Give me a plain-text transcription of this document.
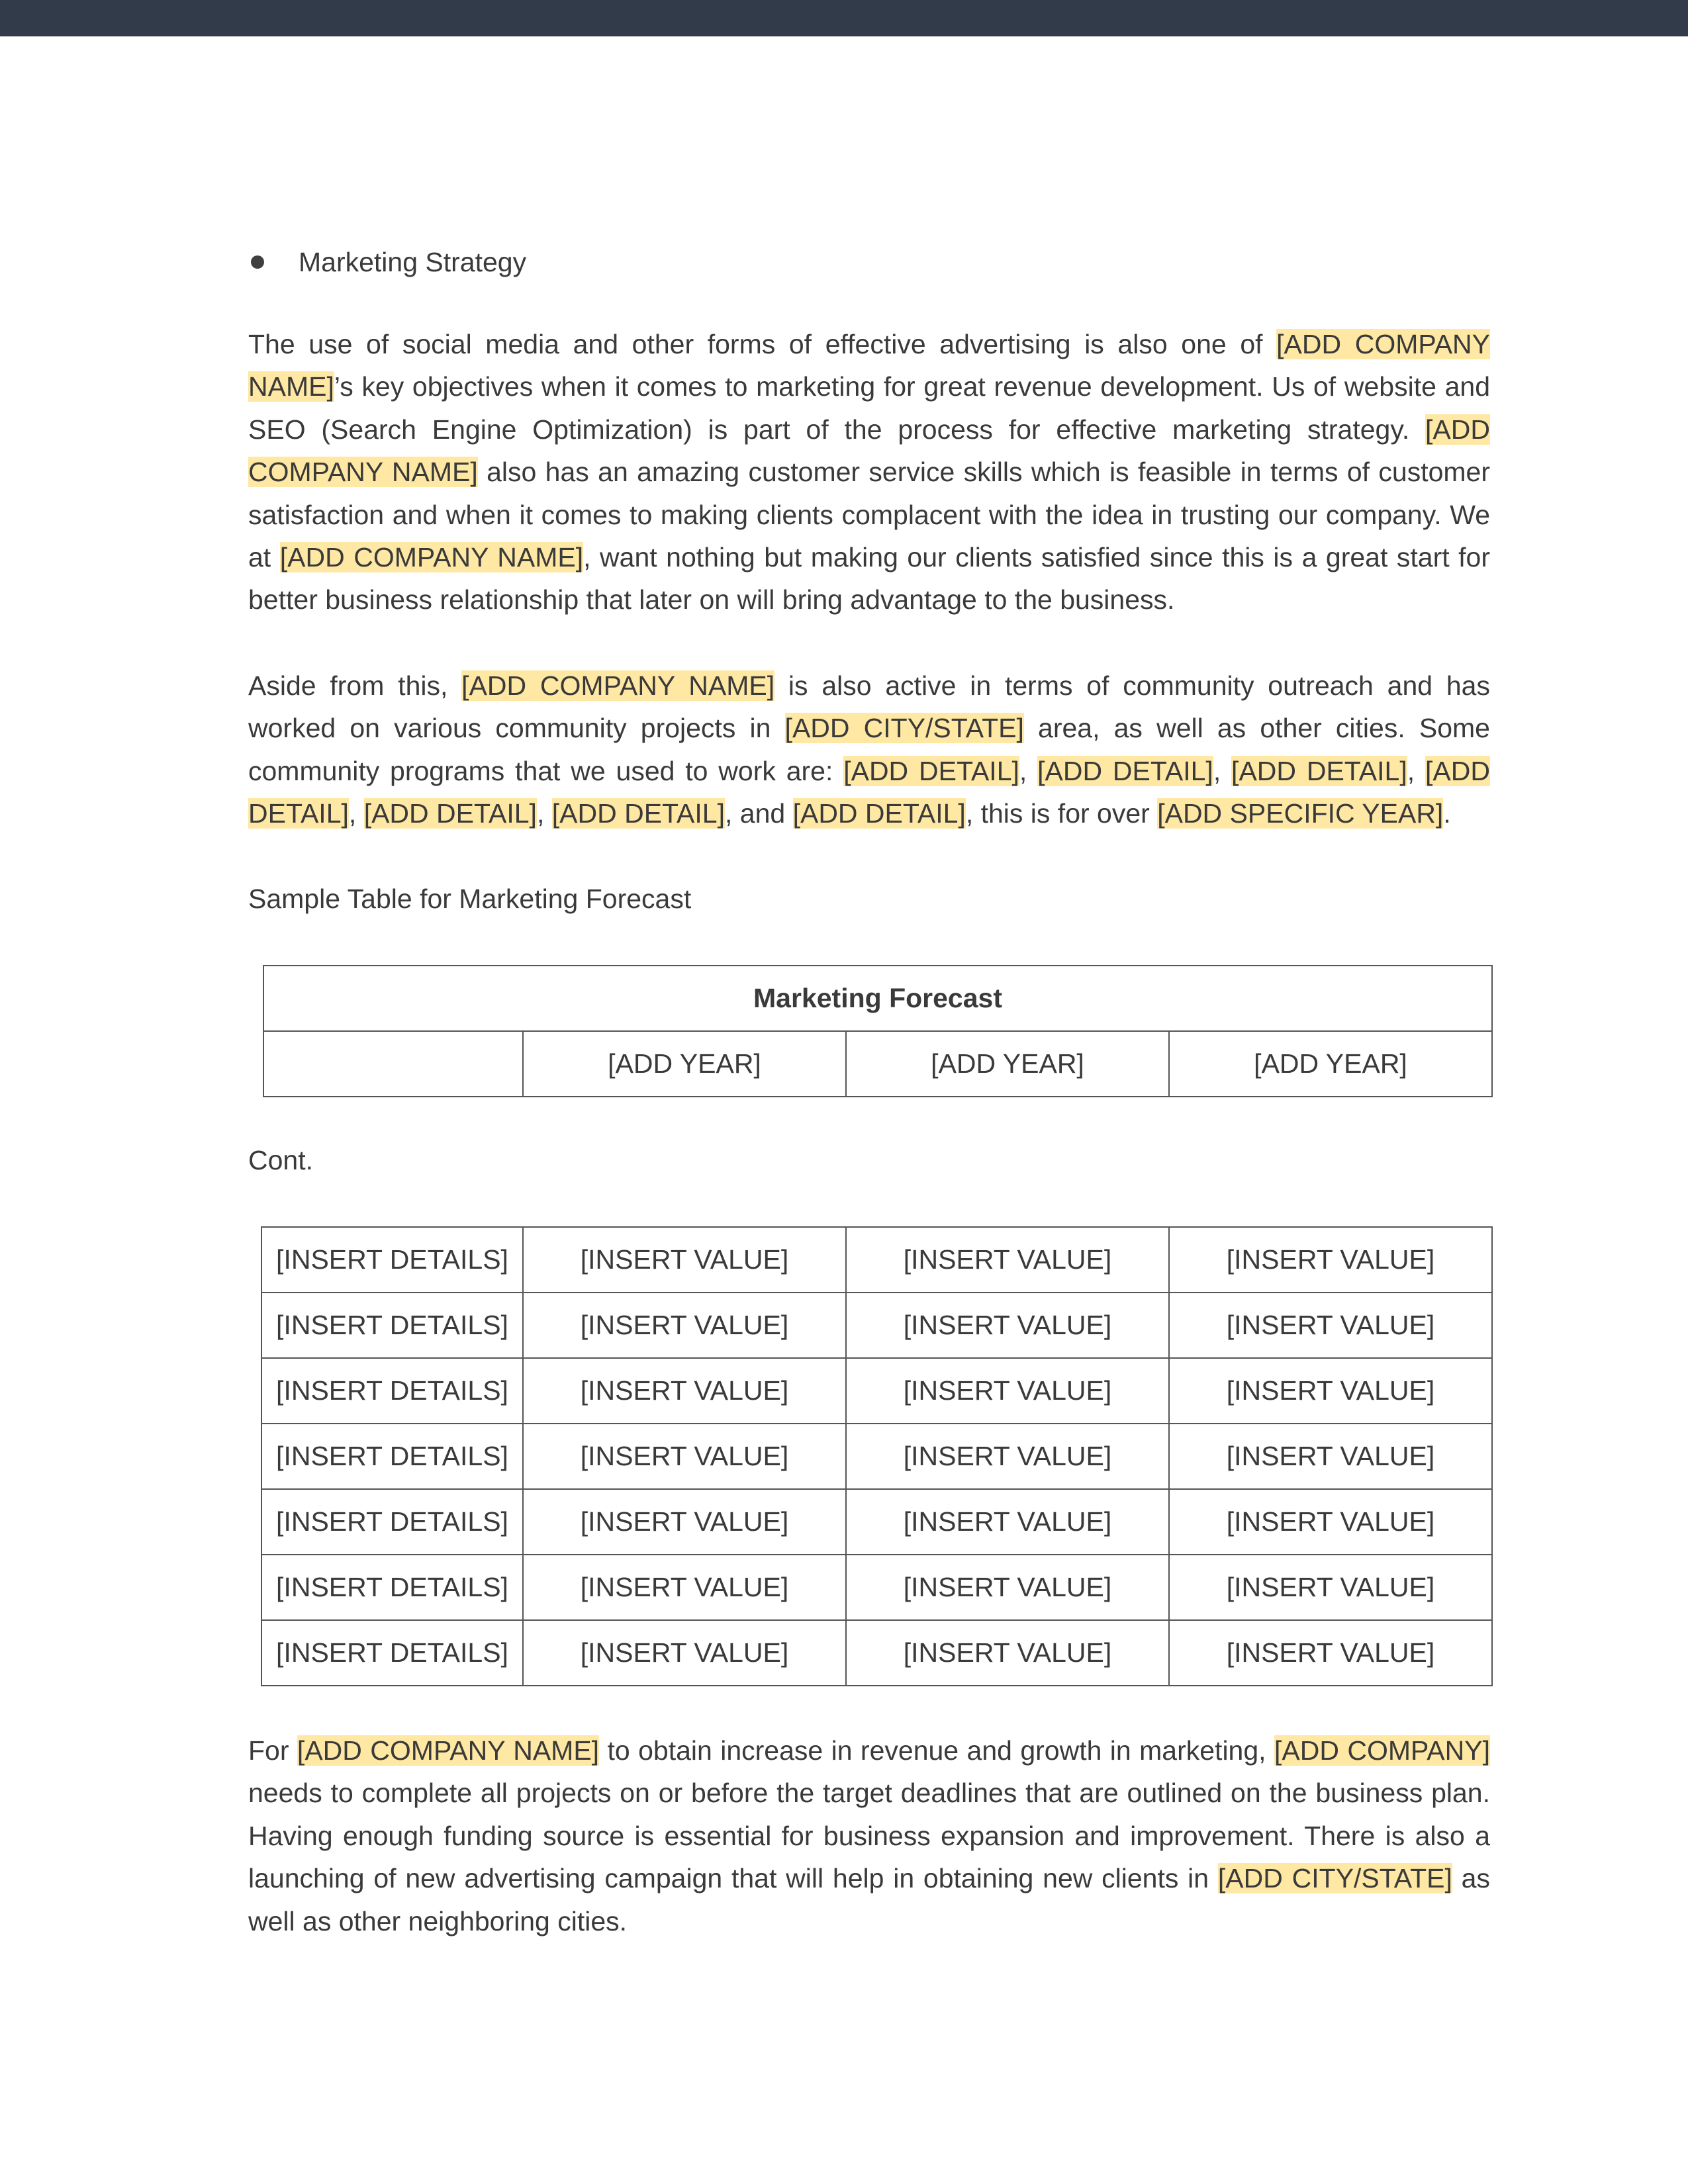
Marketing Strategy

The use of social media and other forms of effective advertising is also one of [ADD COMPANY NAME]’s key objectives when it comes to marketing for great revenue development. Us of website and SEO (Search Engine Optimization) is part of the process for effective marketing strategy. [ADD COMPANY NAME] also has an amazing customer service skills which is feasible in terms of customer satisfaction and when it comes to making clients complacent with the idea in trusting our company. We at [ADD COMPANY NAME], want nothing but making our clients satisfied since this is a great start for better business relationship that later on will bring advantage to the business.

Aside from this, [ADD COMPANY NAME] is also active in terms of community outreach and has worked on various community projects in [ADD CITY/STATE] area, as well as other cities. Some community programs that we used to work are: [ADD DETAIL], [ADD DETAIL], [ADD DETAIL], [ADD DETAIL], [ADD DETAIL], [ADD DETAIL], and [ADD DETAIL], this is for over [ADD SPECIFIC YEAR].

Sample Table for Marketing Forecast
Marketing Forecast
	[ADD YEAR]	[ADD YEAR]	[ADD YEAR]
Cont.
[INSERT DETAILS]	[INSERT VALUE]	[INSERT VALUE]	[INSERT VALUE]
[INSERT DETAILS]	[INSERT VALUE]	[INSERT VALUE]	[INSERT VALUE]
[INSERT DETAILS]	[INSERT VALUE]	[INSERT VALUE]	[INSERT VALUE]
[INSERT DETAILS]	[INSERT VALUE]	[INSERT VALUE]	[INSERT VALUE]
[INSERT DETAILS]	[INSERT VALUE]	[INSERT VALUE]	[INSERT VALUE]
[INSERT DETAILS]	[INSERT VALUE]	[INSERT VALUE]	[INSERT VALUE]
[INSERT DETAILS]	[INSERT VALUE]	[INSERT VALUE]	[INSERT VALUE]

For [ADD COMPANY NAME] to obtain increase in revenue and growth in marketing, [ADD COMPANY] needs to complete all projects on or before the target deadlines that are outlined on the business plan. Having enough funding source is essential for business expansion and improvement. There is also a launching of new advertising campaign that will help in obtaining new clients in [ADD CITY/STATE] as well as other neighboring cities.
